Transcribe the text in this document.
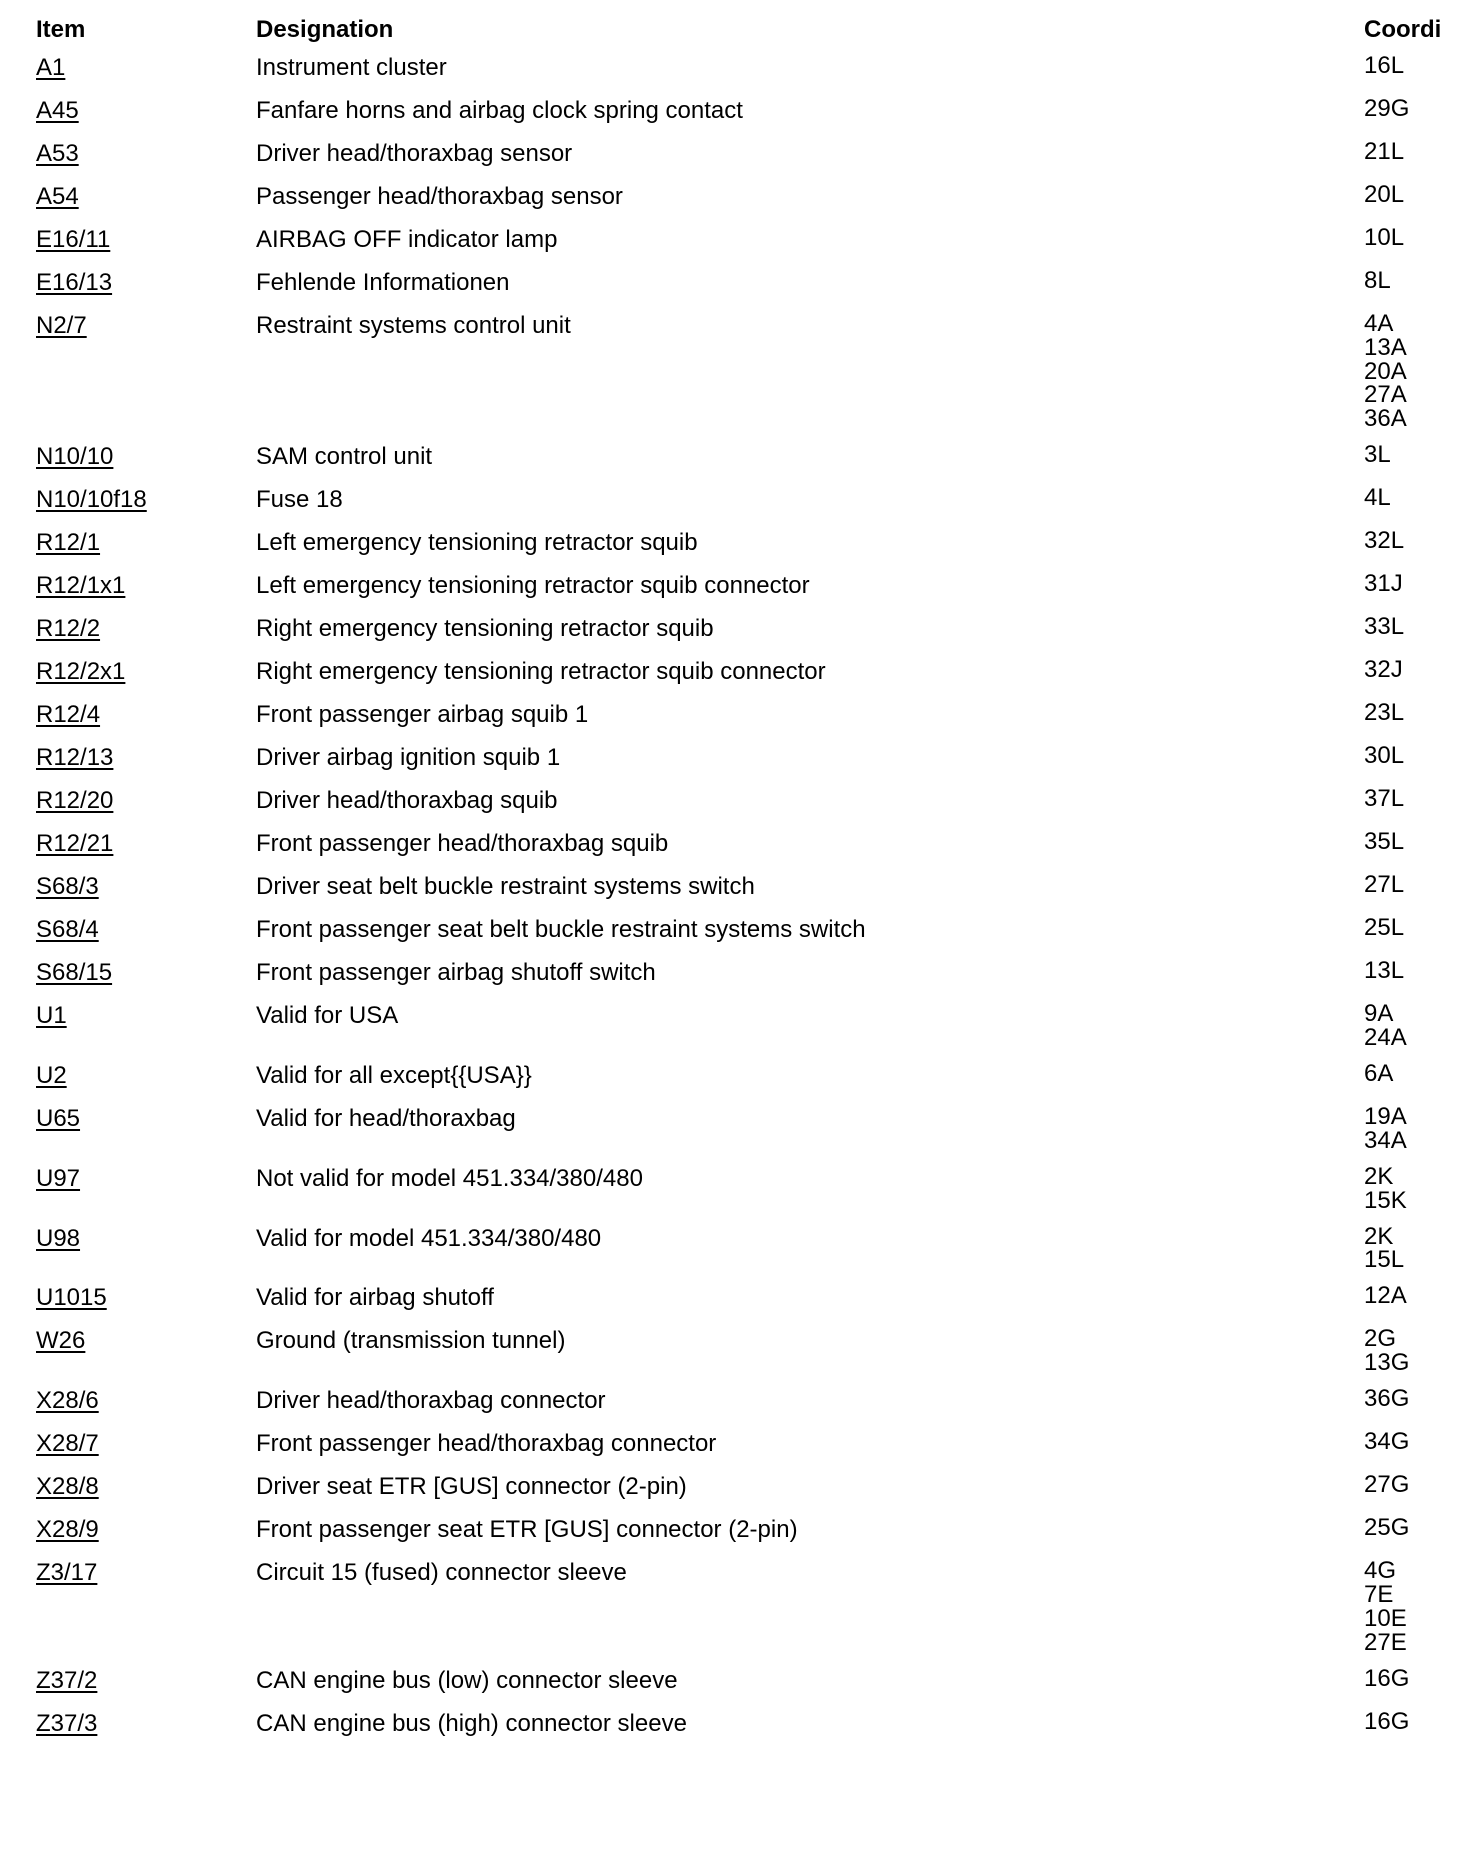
Item	Designation	Coordi
A1	Instrument cluster	16L
A45	Fanfare horns and airbag clock spring contact	29G
A53	Driver head/thoraxbag sensor	21L
A54	Passenger head/thoraxbag sensor	20L
E16/11	AIRBAG OFF indicator lamp	10L
E16/13	Fehlende Informationen	8L
N2/7	Restraint systems control unit	4A
13A
20A
27A
36A
N10/10	SAM control unit	3L
N10/10f18	Fuse 18	4L
R12/1	Left emergency tensioning retractor squib	32L
R12/1x1	Left emergency tensioning retractor squib connector	31J
R12/2	Right emergency tensioning retractor squib	33L
R12/2x1	Right emergency tensioning retractor squib connector	32J
R12/4	Front passenger airbag squib 1	23L
R12/13	Driver airbag ignition squib 1	30L
R12/20	Driver head/thoraxbag squib	37L
R12/21	Front passenger head/thoraxbag squib	35L
S68/3	Driver seat belt buckle restraint systems switch	27L
S68/4	Front passenger seat belt buckle restraint systems switch	25L
S68/15	Front passenger airbag shutoff switch	13L
U1	Valid for USA	9A
24A
U2	Valid for all except{{USA}}	6A
U65	Valid for head/thoraxbag	19A
34A
U97	Not valid for model 451.334/380/480	2K
15K
U98	Valid for model 451.334/380/480	2K
15L
U1015	Valid for airbag shutoff	12A
W26	Ground (transmission tunnel)	2G
13G
X28/6	Driver head/thoraxbag connector	36G
X28/7	Front passenger head/thoraxbag connector	34G
X28/8	Driver seat ETR [GUS] connector (2-pin)	27G
X28/9	Front passenger seat ETR [GUS] connector (2-pin)	25G
Z3/17	Circuit 15 (fused) connector sleeve	4G
7E
10E
27E
Z37/2	CAN engine bus (low) connector sleeve	16G
Z37/3	CAN engine bus (high) connector sleeve	16G
